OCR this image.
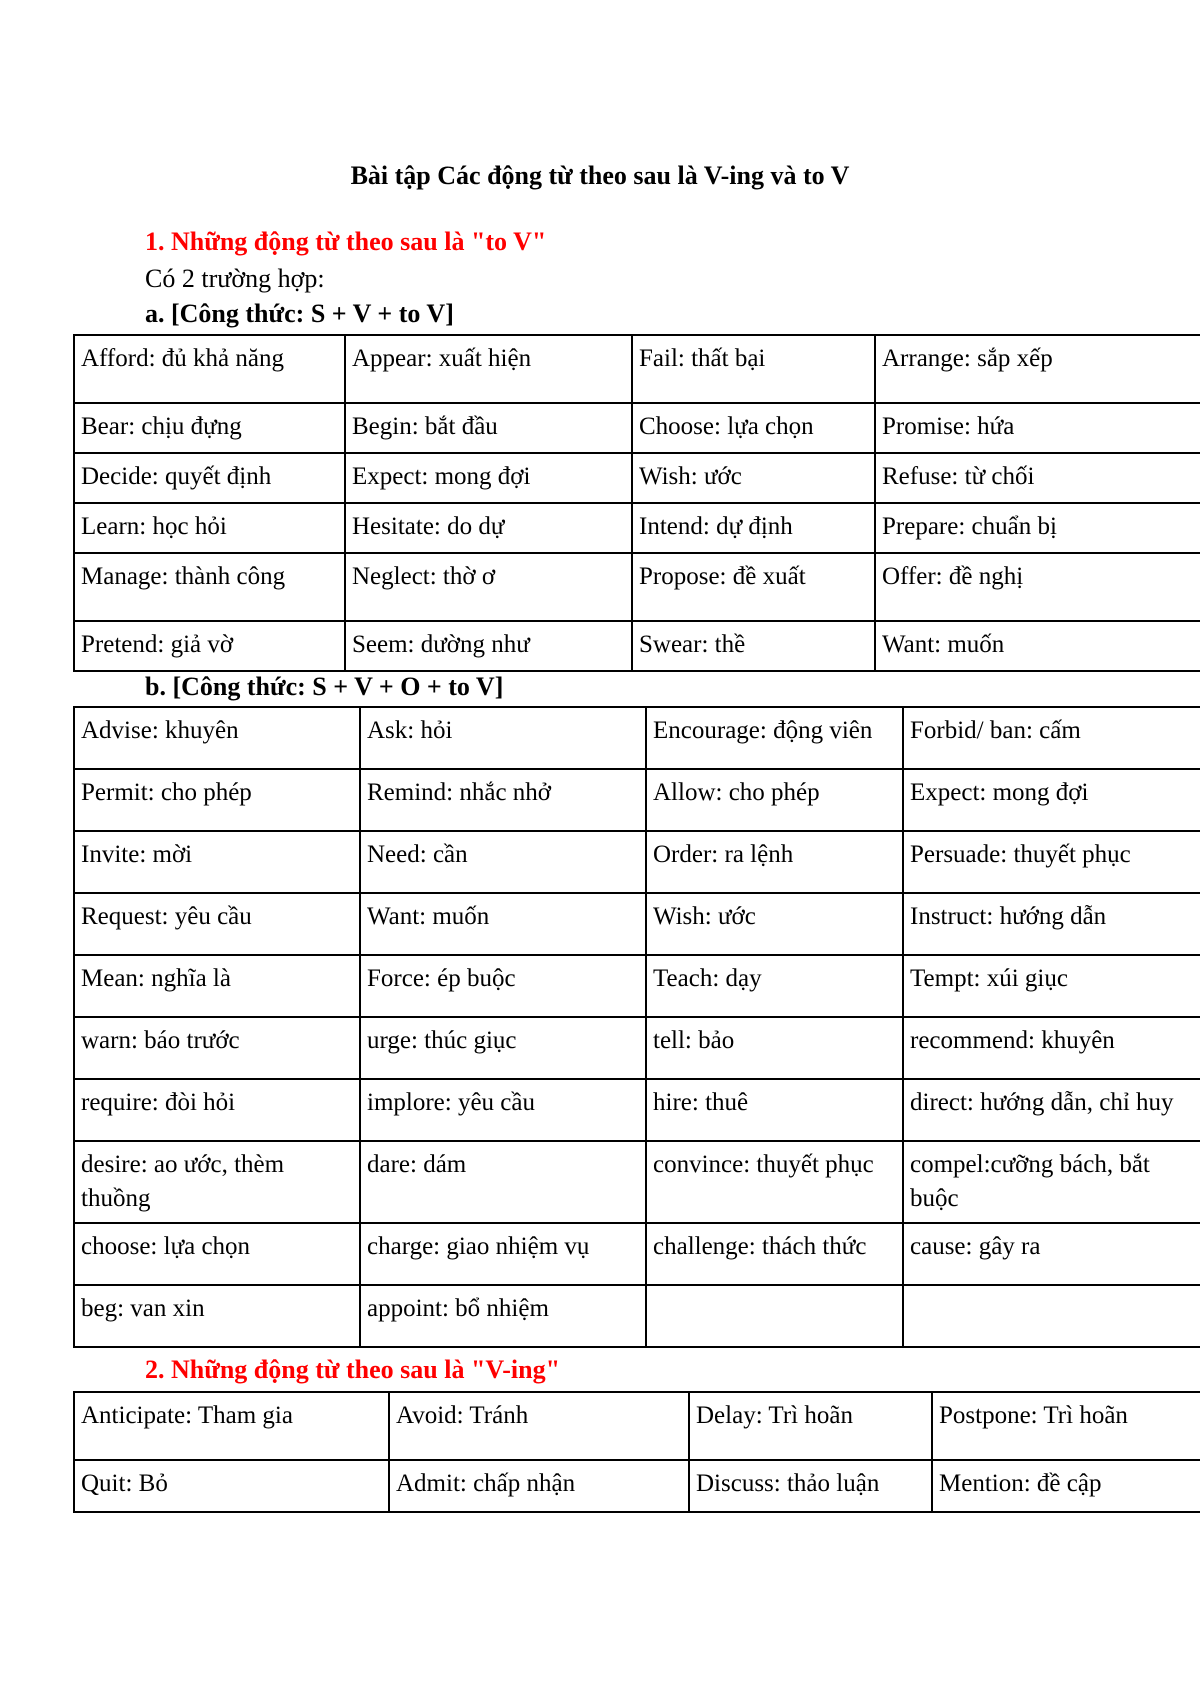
Bài tập Các động từ theo sau là V-ing và to V

1. Những động từ theo sau là "to V"

Có 2 trường hợp:

a. [Công thức: S + V + to V]

Afford: đủ khả năng	Appear: xuất hiện	Fail: thất bại	Arrange: sắp xếp
Bear: chịu đựng	Begin: bắt đầu	Choose: lựa chọn	Promise: hứa
Decide: quyết định	Expect: mong đợi	Wish: ước	Refuse: từ chối
Learn: học hỏi	Hesitate: do dự	Intend: dự định	Prepare: chuẩn bị
Manage: thành công	Neglect: thờ ơ	Propose: đề xuất	Offer: đề nghị
Pretend: giả vờ	Seem: dường như	Swear: thề	Want: muốn

b. [Công thức: S + V + O + to V]

Advise: khuyên	Ask: hỏi	Encourage: động viên	Forbid/ ban: cấm
Permit: cho phép	Remind: nhắc nhở	Allow: cho phép	Expect: mong đợi
Invite: mời	Need: cần	Order: ra lệnh	Persuade: thuyết phục
Request: yêu cầu	Want: muốn	Wish: ước	Instruct: hướng dẫn
Mean: nghĩa là	Force: ép buộc	Teach: dạy	Tempt: xúi giục
warn: báo trước	urge: thúc giục	tell: bảo	recommend: khuyên
require: đòi hỏi	implore: yêu cầu	hire: thuê	direct: hướng dẫn, chỉ huy
desire: ao ước, thèm thuồng	dare: dám	convince: thuyết phục	compel:cưỡng bách, bắt buộc
choose: lựa chọn	charge: giao nhiệm vụ	challenge: thách thức	cause: gây ra
beg: van xin	appoint: bổ nhiệm		

2. Những động từ theo sau là "V-ing"

Anticipate: Tham gia	Avoid: Tránh	Delay: Trì hoãn	Postpone: Trì hoãn
Quit: Bỏ	Admit: chấp nhận	Discuss: thảo luận	Mention: đề cập
